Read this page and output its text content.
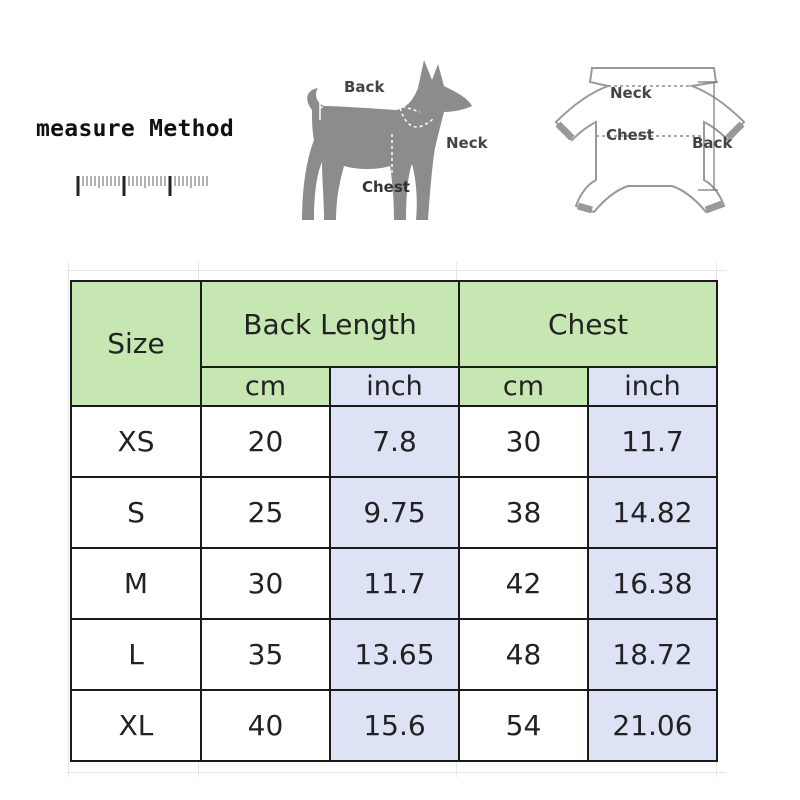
measure Method
Back
Neck
Chest
Neck
Chest	Back
Size	Back Length		Chest	
	cm	inch	cm	inch
XS	20	7.8	30	11.7
S	25	9.75	38	14.82
M	30	11.7	42	16.38
L	35	13.65	48	18.72
XL	40	15.6	54	21.06
